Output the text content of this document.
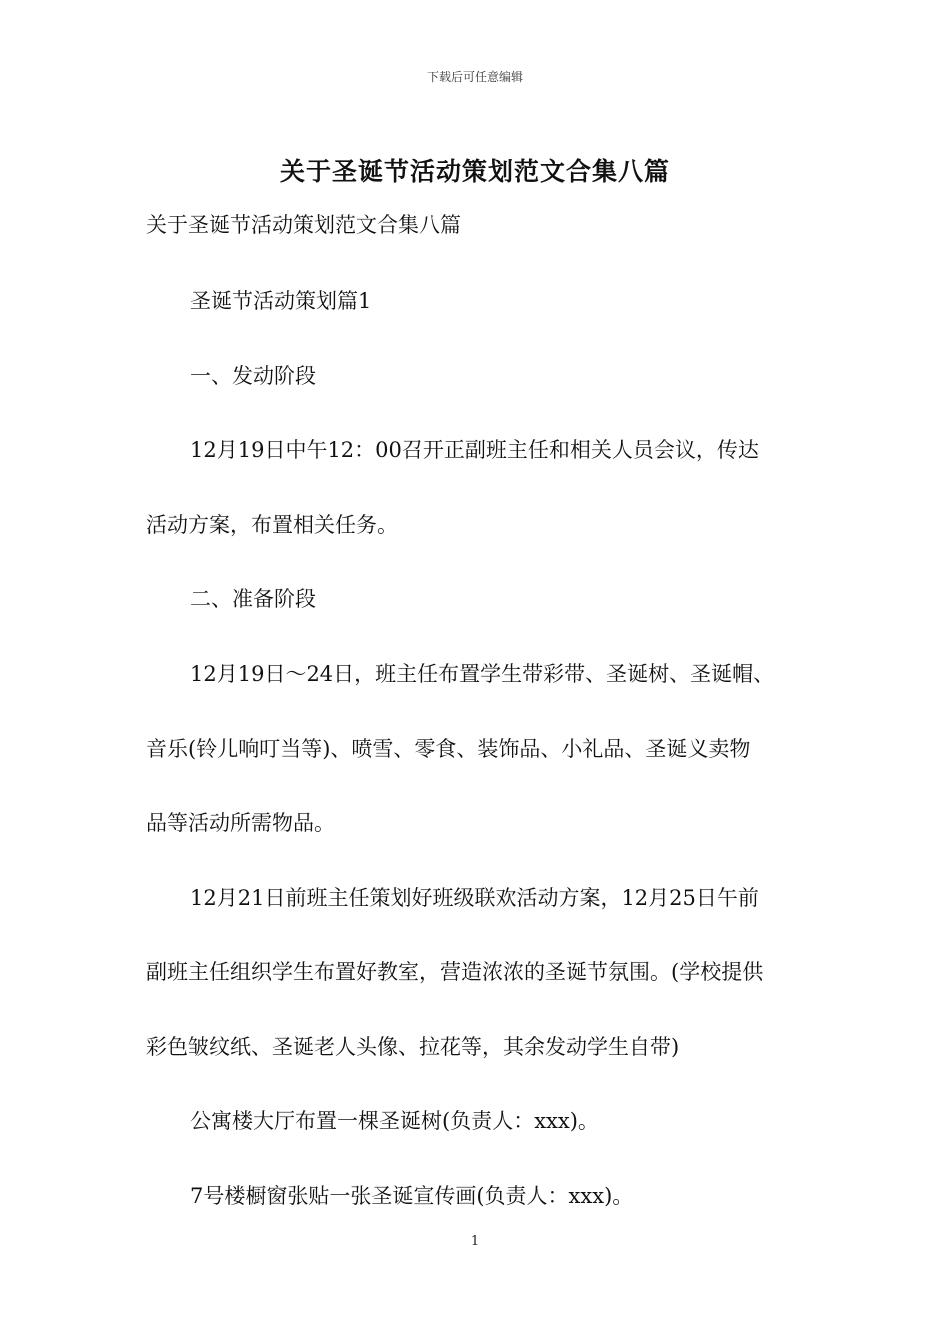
下载后可任意编辑
关于圣诞节活动策划范文合集八篇
关于圣诞节活动策划范文合集八篇
圣诞节活动策划篇1
一、发动阶段
12月19日中午12：00召开正副班主任和相关人员会议，传达
活动方案，布置相关任务。
二、准备阶段
12月19日～24日，班主任布置学生带彩带、圣诞树、圣诞帽、
音乐(铃儿响叮当等)、喷雪、零食、装饰品、小礼品、圣诞义卖物
品等活动所需物品。
12月21日前班主任策划好班级联欢活动方案，12月25日午前
副班主任组织学生布置好教室，营造浓浓的圣诞节氛围。(学校提供
彩色皱纹纸、圣诞老人头像、拉花等，其余发动学生自带)
公寓楼大厅布置一棵圣诞树(负责人：xxx)。
7号楼橱窗张贴一张圣诞宣传画(负责人：xxx)。
1
